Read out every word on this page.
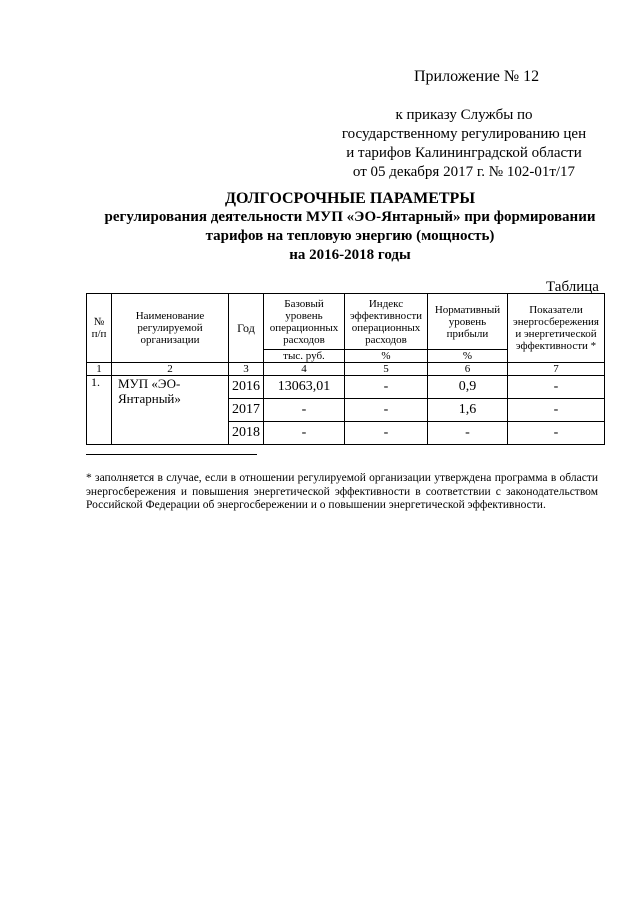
Приложение № 12
к приказу Службы по
государственному регулированию цен
и тарифов Калининградской области
от 05 декабря 2017 г. № 102-01т/17
ДОЛГОСРОЧНЫЕ ПАРАМЕТРЫ
регулирования деятельности МУП «ЭО-Янтарный» при формировании
тарифов на тепловую энергию (мощность)
на 2016-2018 годы
Таблица
№ п/п	Наименование регулируемой организации	Год	Базовый уровень операционных расходов	Индекс эффективности операционных расходов	Нормативный уровень прибыли	Показатели энергосбережения и энергетической эффективности *
			тыс. руб.	%	%	
1	2	3	4	5	6	7
1.	МУП «ЭО-Янтарный»	2016	13063,01	-	0,9	-
		2017	-	-	1,6	-
		2018	-	-	-	-
* заполняется в случае, если в отношении регулируемой организации утверждена программа в области энергосбережения и повышения энергетической эффективности в соответствии с законодательством Российской Федерации об энергосбережении и о повышении энергетической эффективности.
